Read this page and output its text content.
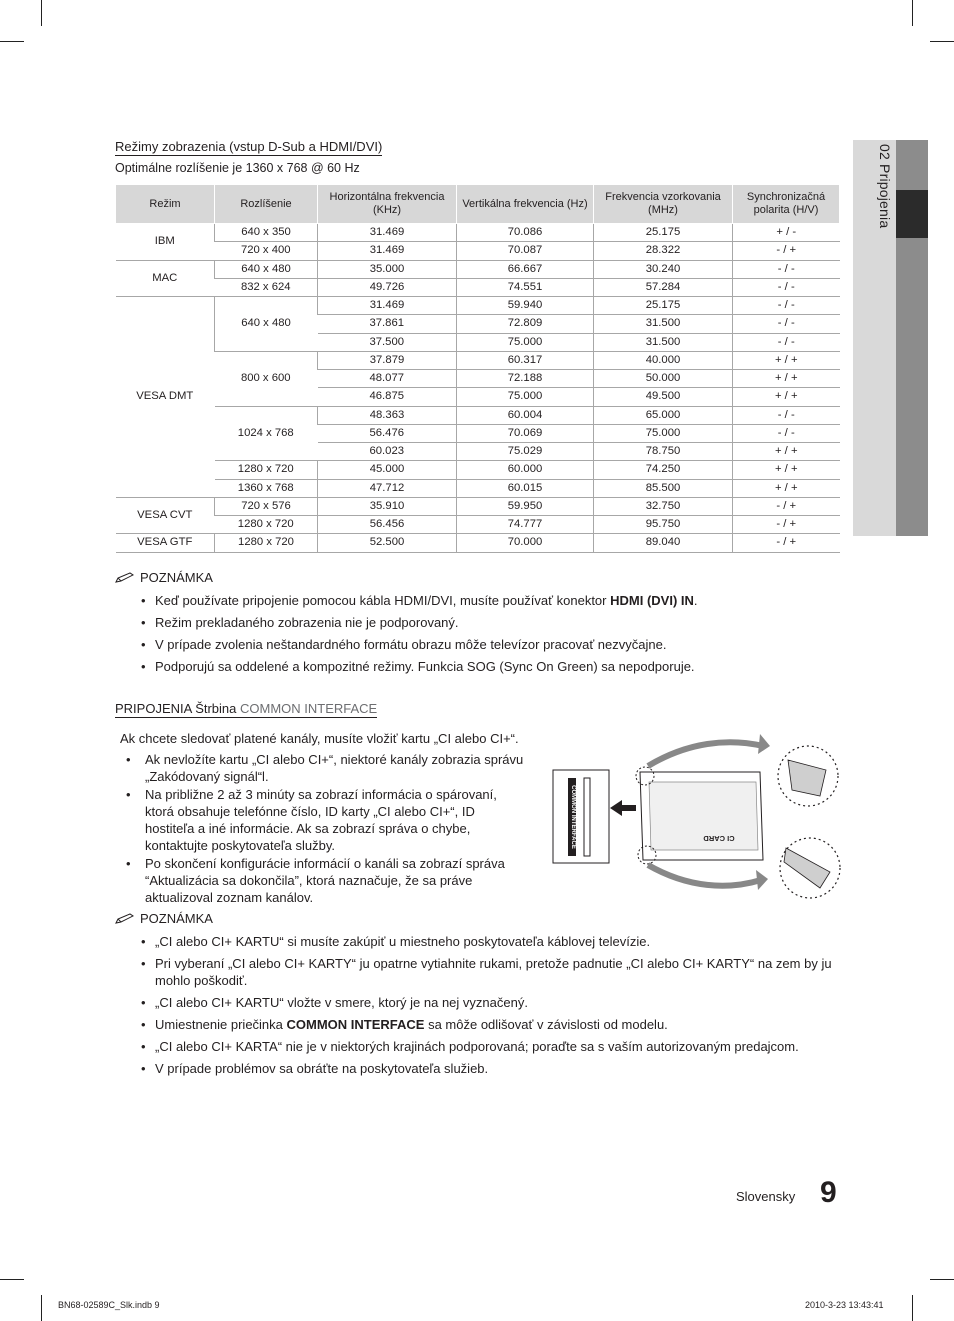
02 Pripojenia
Režimy zobrazenia (vstup D-Sub a HDMI/DVI)
Optimálne rozlíšenie je 1360 x 768 @ 60 Hz
Režim	Rozlíšenie	Horizontálna frekvencia (KHz)	Vertikálna frekvencia (Hz)	Frekvencia vzorkovania (MHz)	Synchronizačná polarita (H/V)
IBM	640 x 350	31.469	70.086	25.175	+ / -
	720 x 400	31.469	70.087	28.322	- / +
MAC	640 x 480	35.000	66.667	30.240	- / -
	832 x 624	49.726	74.551	57.284	- / -
VESA DMT	640 x 480	31.469	59.940	25.175	- / -
		37.861	72.809	31.500	- / -
		37.500	75.000	31.500	- / -
	800 x 600	37.879	60.317	40.000	+ / +
		48.077	72.188	50.000	+ / +
		46.875	75.000	49.500	+ / +
	1024 x 768	48.363	60.004	65.000	- / -
		56.476	70.069	75.000	- / -
		60.023	75.029	78.750	+ / +
	1280 x 720	45.000	60.000	74.250	+ / +
	1360 x 768	47.712	60.015	85.500	+ / +
VESA CVT	720 x 576	35.910	59.950	32.750	- / +
	1280 x 720	56.456	74.777	95.750	- / +
VESA GTF	1280 x 720	52.500	70.000	89.040	- / +
POZNÁMKA
• Keď používate pripojenie pomocou kábla HDMI/DVI, musíte používať konektor HDMI (DVI) IN.
• Režim prekladaného zobrazenia nie je podporovaný.
• V prípade zvolenia neštandardného formátu obrazu môže televízor pracovať nezvyčajne.
• Podporujú sa oddelené a kompozitné režimy. Funkcia SOG (Sync On Green) sa nepodporuje.
PRIPOJENIA Štrbina COMMON INTERFACE
Ak chcete sledovať platené kanály, musíte vložiť kartu „CI alebo CI+“.
• Ak nevložíte kartu „CI alebo CI+“, niektoré kanály zobrazia správu „Zakódovaný signál“l.
• Na približne 2 až 3 minúty sa zobrazí informácia o spárovaní, ktorá obsahuje telefónne číslo, ID karty „CI alebo CI+“, ID hostiteľa a iné informácie. Ak sa zobrazí správa o chybe, kontaktujte poskytovateľa služby.
• Po skončení konfigurácie informácií o kanáli sa zobrazí správa “Aktualizácia sa dokončila”, ktorá naznačuje, že sa práve aktualizoval zoznam kanálov.
COMMON INTERFACE	CI CARD
POZNÁMKA
• „CI alebo CI+ KARTU“ si musíte zakúpiť u miestneho poskytovateľa káblovej televízie.
• Pri vyberaní „CI alebo CI+ KARTY“ ju opatrne vytiahnite rukami, pretože padnutie „CI alebo CI+ KARTY“ na zem by ju mohlo poškodiť.
• „CI alebo CI+ KARTU“ vložte v smere, ktorý je na nej vyznačený.
• Umiestnenie priečinka COMMON INTERFACE sa môže odlišovať v závislosti od modelu.
• „CI alebo CI+ KARTA“ nie je v niektorých krajinách podporovaná; poraďte sa s vaším autorizovaným predajcom.
• V prípade problémov sa obráťte na poskytovateľa služieb.
Slovensky 9
BN68-02589C_Slk.indb 9	2010-3-23 13:43:41
